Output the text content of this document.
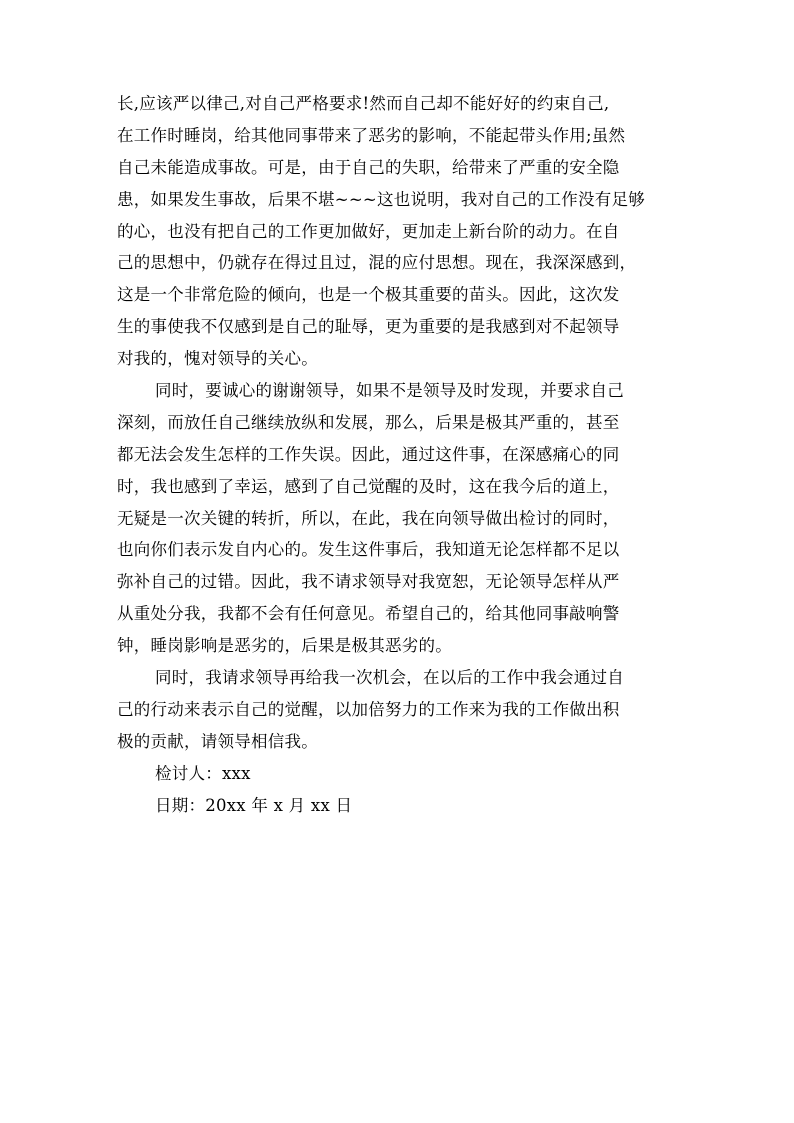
长,应该严以律己,对自己严格要求!然而自己却不能好好的约束自己,
在工作时睡岗，给其他同事带来了恶劣的影响，不能起带头作用;虽然
自己未能造成事故。可是，由于自己的失职，给带来了严重的安全隐
患，如果发生事故，后果不堪~~~这也说明，我对自己的工作没有足够
的心，也没有把自己的工作更加做好，更加走上新台阶的动力。在自
己的思想中，仍就存在得过且过，混的应付思想。现在，我深深感到，
这是一个非常危险的倾向，也是一个极其重要的苗头。因此，这次发
生的事使我不仅感到是自己的耻辱，更为重要的是我感到对不起领导
对我的，愧对领导的关心。
同时，要诚心的谢谢领导，如果不是领导及时发现，并要求自己
深刻，而放任自己继续放纵和发展，那么，后果是极其严重的，甚至
都无法会发生怎样的工作失误。因此，通过这件事，在深感痛心的同
时，我也感到了幸运，感到了自己觉醒的及时，这在我今后的道上，
无疑是一次关键的转折，所以，在此，我在向领导做出检讨的同时，
也向你们表示发自内心的。发生这件事后，我知道无论怎样都不足以
弥补自己的过错。因此，我不请求领导对我宽恕，无论领导怎样从严
从重处分我，我都不会有任何意见。希望自己的，给其他同事敲响警
钟，睡岗影响是恶劣的，后果是极其恶劣的。
同时，我请求领导再给我一次机会，在以后的工作中我会通过自
己的行动来表示自己的觉醒，以加倍努力的工作来为我的工作做出积
极的贡献，请领导相信我。
检讨人：xxx
日期：20xx 年 x 月 xx 日
